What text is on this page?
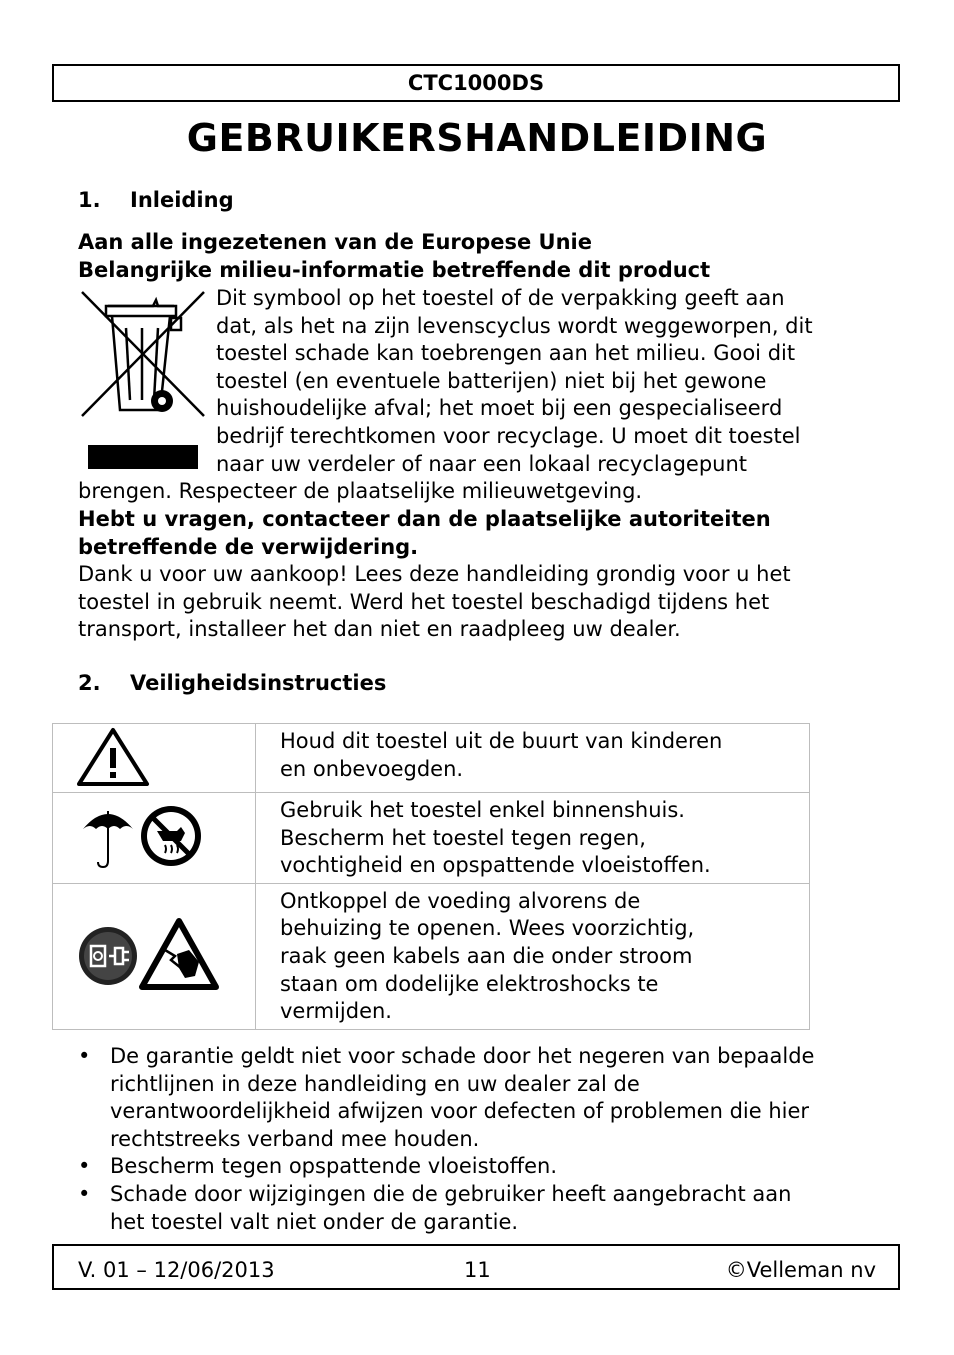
CTC1000DS
GEBRUIKERSHANDLEIDING
1. Inleiding
Aan alle ingezetenen van de Europese Unie
Belangrijke milieu-informatie betreffende dit product
Dit symbool op het toestel of de verpakking geeft aan
dat, als het na zijn levenscyclus wordt weggeworpen, dit
toestel schade kan toebrengen aan het milieu. Gooi dit
toestel (en eventuele batterijen) niet bij het gewone
huishoudelijke afval; het moet bij een gespecialiseerd
bedrijf terechtkomen voor recyclage. U moet dit toestel
naar uw verdeler of naar een lokaal recyclagepunt
brengen. Respecteer de plaatselijke milieuwetgeving.
Hebt u vragen, contacteer dan de plaatselijke autoriteiten
betreffende de verwijdering.
Dank u voor uw aankoop! Lees deze handleiding grondig voor u het
toestel in gebruik neemt. Werd het toestel beschadigd tijdens het
transport, installeer het dan niet en raadpleeg uw dealer.
2. Veiligheidsinstructies

Houd dit toestel uit de buurt van kinderen
en onbevoegden.

Gebruik het toestel enkel binnenshuis.
Bescherm het toestel tegen regen,
vochtigheid en opspattende vloeistoffen.

Ontkoppel de voeding alvorens de
behuizing te openen. Wees voorzichtig,
raak geen kabels aan die onder stroom
staan om dodelijke elektroshocks te
vermijden.
• De garantie geldt niet voor schade door het negeren van bepaalde
richtlijnen in deze handleiding en uw dealer zal de
verantwoordelijkheid afwijzen voor defecten of problemen die hier
rechtstreeks verband mee houden.
• Bescherm tegen opspattende vloeistoffen.
• Schade door wijzigingen die de gebruiker heeft aangebracht aan
het toestel valt niet onder de garantie.
V. 01 – 12/06/2013	11	©Velleman nv
